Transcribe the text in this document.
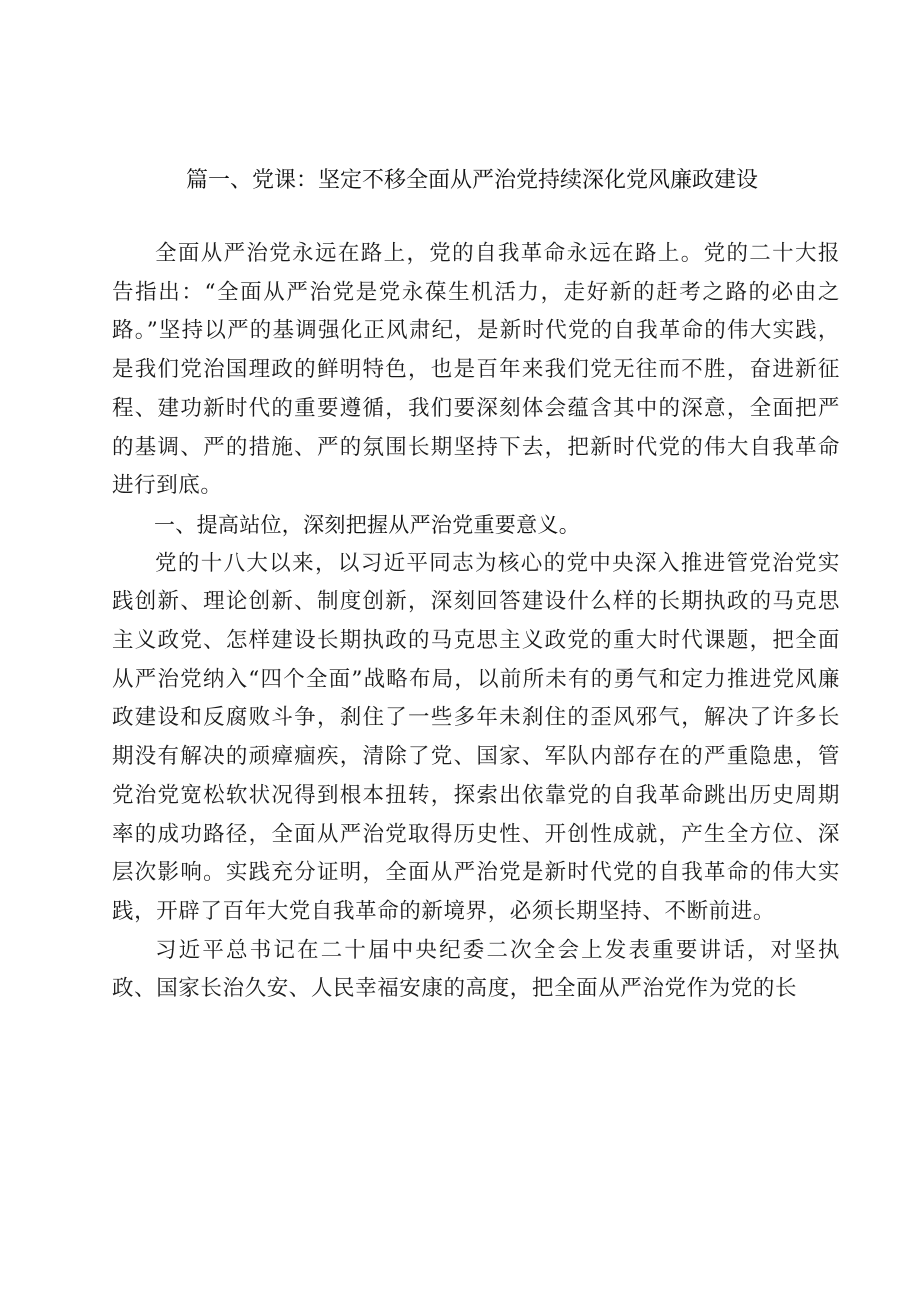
篇一、党课：坚定不移全面从严治党持续深化党风廉政建设

全面从严治党永远在路上，党的自我革命永远在路上。党的二十大报告指出：“全面从严治党是党永葆生机活力，走好新的赶考之路的必由之路。”坚持以严的基调强化正风肃纪，是新时代党的自我革命的伟大实践，是我们党治国理政的鲜明特色，也是百年来我们党无往而不胜，奋进新征程、建功新时代的重要遵循，我们要深刻体会蕴含其中的深意，全面把严的基调、严的措施、严的氛围长期坚持下去，把新时代党的伟大自我革命进行到底。

一、提高站位，深刻把握从严治党重要意义。

党的十八大以来，以习近平同志为核心的党中央深入推进管党治党实践创新、理论创新、制度创新，深刻回答建设什么样的长期执政的马克思主义政党、怎样建设长期执政的马克思主义政党的重大时代课题，把全面从严治党纳入“四个全面”战略布局，以前所未有的勇气和定力推进党风廉政建设和反腐败斗争，刹住了一些多年未刹住的歪风邪气，解决了许多长期没有解决的顽瘴痼疾，清除了党、国家、军队内部存在的严重隐患，管党治党宽松软状况得到根本扭转，探索出依靠党的自我革命跳出历史周期率的成功路径，全面从严治党取得历史性、开创性成就，产生全方位、深层次影响。实践充分证明，全面从严治党是新时代党的自我革命的伟大实践，开辟了百年大党自我革命的新境界，必须长期坚持、不断前进。

习近平总书记在二十届中央纪委二次全会上发表重要讲话，对坚执政、国家长治久安、人民幸福安康的高度，把全面从严治党作为党的长
